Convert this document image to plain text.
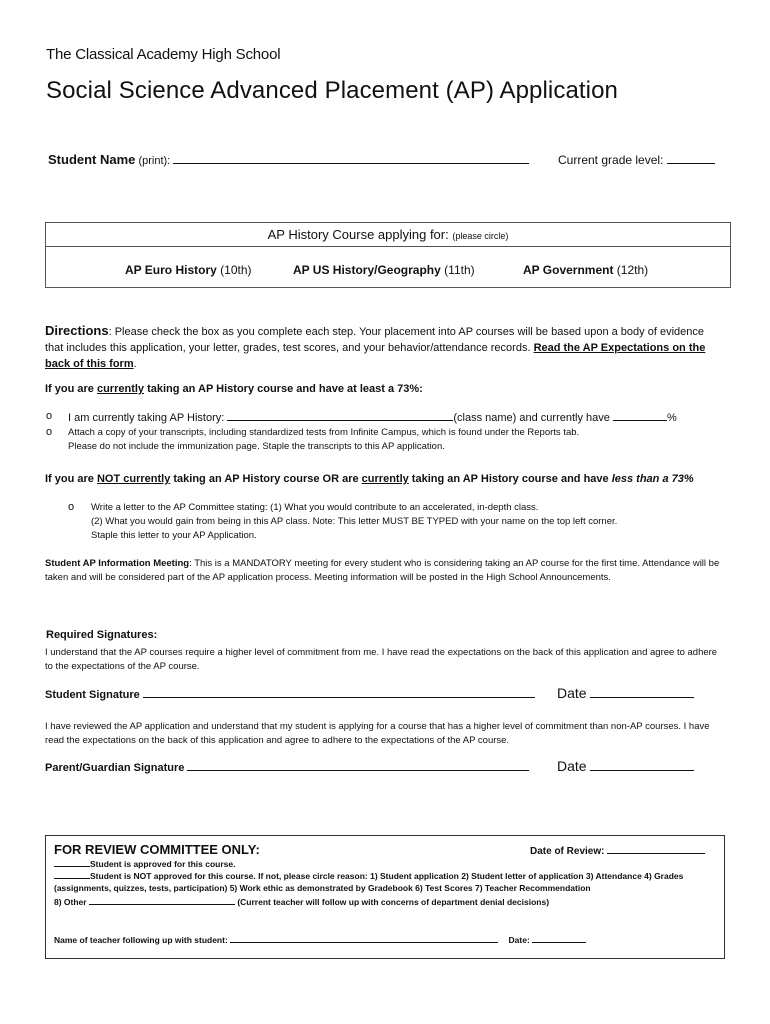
The Classical Academy High School
Social Science Advanced Placement (AP) Application
Student Name (print):	Current grade level:
AP History Course applying for: (please circle)
AP Euro History (10th)	AP US History/Geography (11th)	AP Government (12th)
Directions: Please check the box as you complete each step. Your placement into AP courses will be based upon a body of evidence that includes this application, your letter, grades, test scores, and your behavior/attendance records. Read the AP Expectations on the back of this form.
If you are currently taking an AP History course and have at least a 73%:
o I am currently taking AP History:	(class name) and currently have	%
o Attach a copy of your transcripts, including standardized tests from Infinite Campus, which is found under the Reports tab.
Please do not include the immunization page. Staple the transcripts to this AP application.
If you are NOT currently taking an AP History course OR are currently taking an AP History course and have less than a 73%
o Write a letter to the AP Committee stating: (1) What you would contribute to an accelerated, in-depth class.
(2) What you would gain from being in this AP class. Note: This letter MUST BE TYPED with your name on the top left corner.
Staple this letter to your AP Application.
Student AP Information Meeting: This is a MANDATORY meeting for every student who is considering taking an AP course for the first time. Attendance will be taken and will be considered part of the AP application process. Meeting information will be posted in the High School Announcements.
Required Signatures:
I understand that the AP courses require a higher level of commitment from me. I have read the expectations on the back of this application and agree to adhere to the expectations of the AP course.
Student Signature	Date
I have reviewed the AP application and understand that my student is applying for a course that has a higher level of commitment than non-AP courses. I have read the expectations on the back of this application and agree to adhere to the expectations of the AP course.
Parent/Guardian Signature	Date
FOR REVIEW COMMITTEE ONLY:	Date of Review:
Student is approved for this course.
Student is NOT approved for this course. If not, please circle reason: 1) Student application 2) Student letter of application 3) Attendance 4) Grades (assignments, quizzes, tests, participation) 5) Work ethic as demonstrated by Gradebook 6) Test Scores 7) Teacher Recommendation
8) Other	(Current teacher will follow up with concerns of department denial decisions)
Name of teacher following up with student:	Date:
